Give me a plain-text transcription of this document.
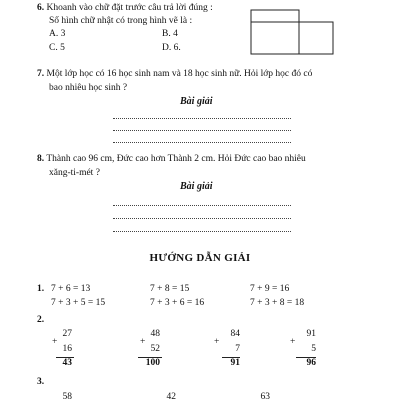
6. Khoanh vào chữ đặt trước câu trả lời đúng :
Số hình chữ nhật có trong hình vẽ là :
A. 3	B. 4
C. 5	D. 6.
7. Một lớp học có 16 học sinh nam và 18 học sinh nữ. Hỏi lớp học đó có
bao nhiêu học sinh ?
Bài giải
8. Thành cao 96 cm, Đức cao hơn Thành 2 cm. Hỏi Đức cao bao nhiêu
xăng-ti-mét ?
Bài giải
HƯỚNG DẪN GIẢI
1. 7 + 6 = 13	7 + 8 = 15	7 + 9 = 16
7 + 3 + 5 = 15	7 + 3 + 6 = 16	7 + 3 + 8 = 18
2.
27
+
16
43
48
+
52
100
84
+
7
91
91
+
5
96
3.
58	42	63
